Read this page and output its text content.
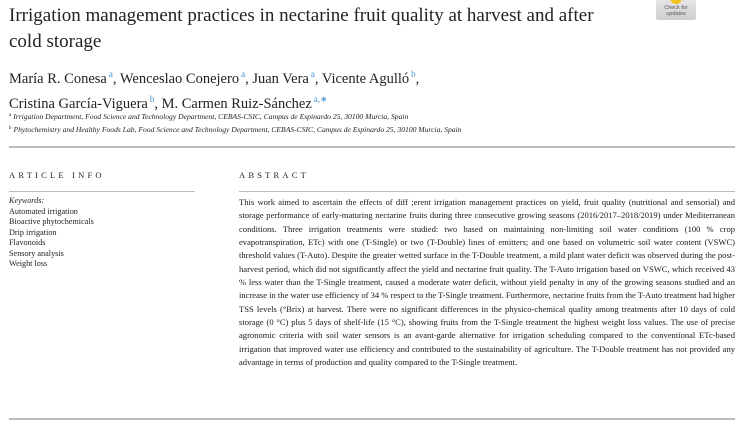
Irrigation management practices in nectarine fruit quality at harvest and after cold storage
Check for updates
María R. Conesa $^a$, Wenceslao Conejero $^a$, Juan Vera $^a$, Vicente Agulló $^b$,
Cristina García-Viguera $^b$, M. Carmen Ruiz-Sánchez $^{a,∗}$
$^a$ Irrigation Department, Food Science and Technology Department, CEBAS-CSIC, Campus de Espinardo 25, 30100 Murcia, Spain
$^b$ Phytochemistry and Healthy Foods Lab, Food Science and Technology Department, CEBAS-CSIC, Campus de Espinardo 25, 30100 Murcia, Spain
ARTICLE INFO	ABSTRACT
Keywords:
Automated irrigation
Bioactive phytochemicals
Drip irrigation
Flavonoids
Sensory analysis
Weight loss

This work aimed to ascertain the effects of diff ;erent irrigation management practices on yield, fruit quality (nutritional and sensorial) and storage performance of early-maturing nectarine fruits during three consecutive growing seasons (2016/2017–2018/2019) under Mediterranean conditions. Three irrigation treatments were studied: two based on maintaining non-limiting soil water conditions (100 % crop evapotranspiration, ETc) with one (T-Single) or two (T-Double) lines of emitters; and one based on volumetric soil water content (VSWC) threshold values (T-Auto). Despite the greater wetted surface in the T-Double treatment, a mild plant water deficit was observed during the post-harvest period, which did not significantly affect the yield and nectarine fruit quality. The T-Auto irrigation based on VSWC, which received 43 % less water than the T-Single treatment, caused a moderate water deficit, without yield penalty in any of the growing seasons studied and an increase in the water use efficiency of 34 % respect to the T-Single treatment. Furthermore, nectarine fruits from the T-Auto treatment had higher TSS levels (°Brix) at harvest. There were no significant differences in the physico-chemical quality among treatments after 10 days of cold storage (0 °C) plus 5 days of shelf-life (15 °C), showing fruits from the T-Single treatment the highest weight loss values. The use of precise agronomic criteria with soil water sensors is an avant-garde alternative for irrigation scheduling compared to the conventional ETc-based irrigation that improved water use efficiency and contributed to the sustainability of agriculture. The T-Double treatment has not provided any advantage in terms of production and quality compared to the T-Single treatment.
